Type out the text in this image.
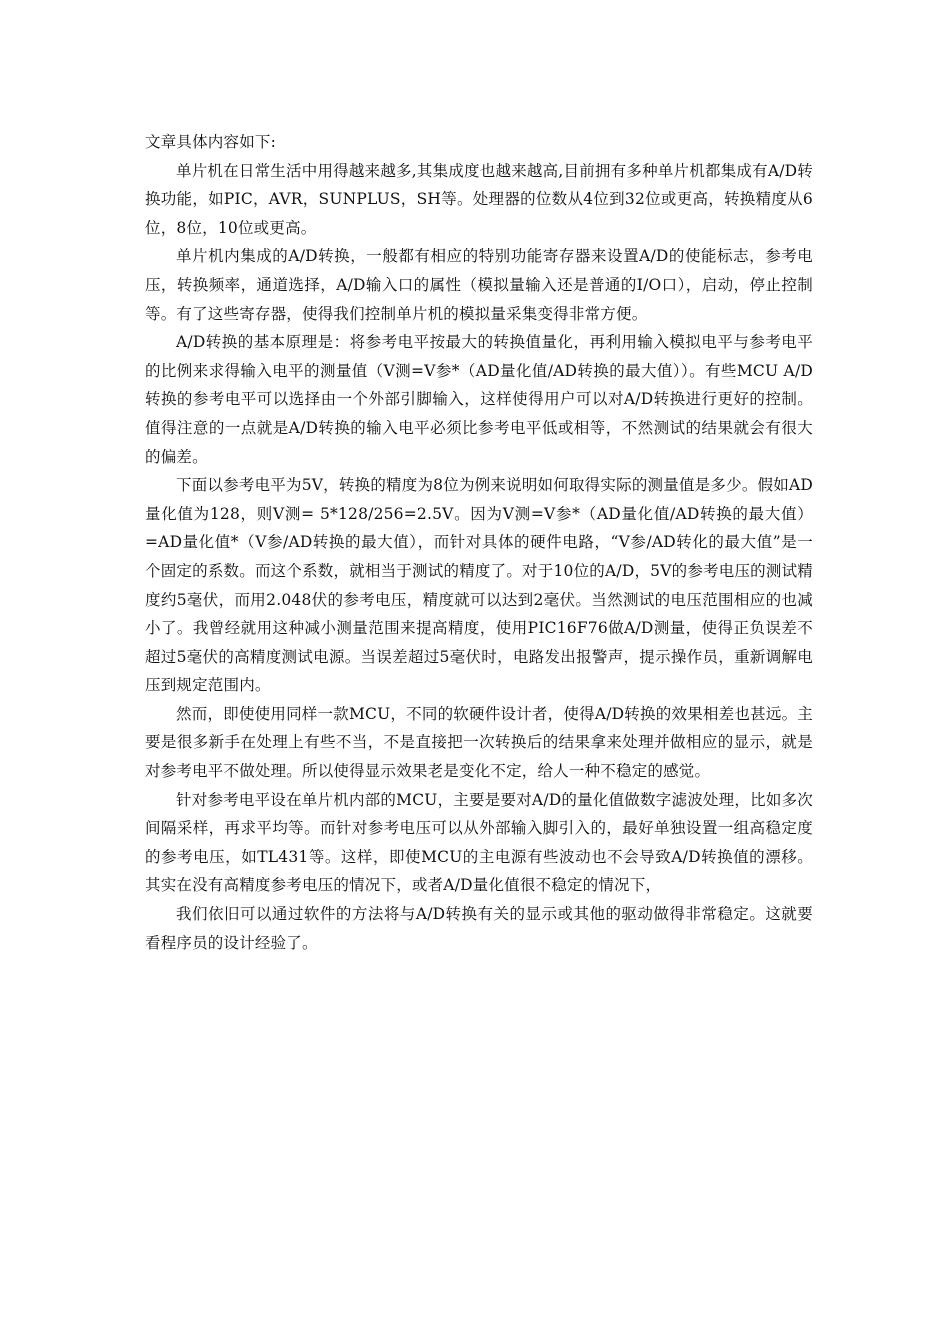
文章具体内容如下:

单片机在日常生活中用得越来越多,其集成度也越来越高,目前拥有多种单片机都集成有A/D转换功能，如PIC，AVR，SUNPLUS，SH等。处理器的位数从4位到32位或更高，转换精度从6位，8位，10位或更高。

单片机内集成的A/D转换，一般都有相应的特别功能寄存器来设置A/D的使能标志，参考电压，转换频率，通道选择，A/D输入口的属性（模拟量输入还是普通的I/O口），启动，停止控制等。有了这些寄存器，使得我们控制单片机的模拟量采集变得非常方便。

A/D转换的基本原理是：将参考电平按最大的转换值量化，再利用输入模拟电平与参考电平的比例来求得输入电平的测量值（V测=V参*（AD量化值/AD转换的最大值））。有些MCU A/D转换的参考电平可以选择由一个外部引脚输入，这样使得用户可以对A/D转换进行更好的控制。值得注意的一点就是A/D转换的输入电平必须比参考电平低或相等，不然测试的结果就会有很大的偏差。

下面以参考电平为5V，转换的精度为8位为例来说明如何取得实际的测量值是多少。假如AD量化值为128，则V测= 5*128/256=2.5V。因为V测=V参*（AD量化值/AD转换的最大值）=AD量化值*（V参/AD转换的最大值），而针对具体的硬件电路，“V参/AD转化的最大值”是一个固定的系数。而这个系数，就相当于测试的精度了。对于10位的A/D，5V的参考电压的测试精度约5毫伏，而用2.048伏的参考电压，精度就可以达到2毫伏。当然测试的电压范围相应的也减小了。我曾经就用这种减小测量范围来提高精度，使用PIC16F76做A/D测量，使得正负误差不超过5毫伏的高精度测试电源。当误差超过5毫伏时，电路发出报警声，提示操作员，重新调解电压到规定范围内。

然而，即使使用同样一款MCU，不同的软硬件设计者，使得A/D转换的效果相差也甚远。主要是很多新手在处理上有些不当，不是直接把一次转换后的结果拿来处理并做相应的显示，就是对参考电平不做处理。所以使得显示效果老是变化不定，给人一种不稳定的感觉。

针对参考电平设在单片机内部的MCU，主要是要对A/D的量化值做数字滤波处理，比如多次间隔采样，再求平均等。而针对参考电压可以从外部输入脚引入的，最好单独设置一组高稳定度的参考电压，如TL431等。这样，即使MCU的主电源有些波动也不会导致A/D转换值的漂移。其实在没有高精度参考电压的情况下，或者A/D量化值很不稳定的情况下，

我们依旧可以通过软件的方法将与A/D转换有关的显示或其他的驱动做得非常稳定。这就要看程序员的设计经验了。
